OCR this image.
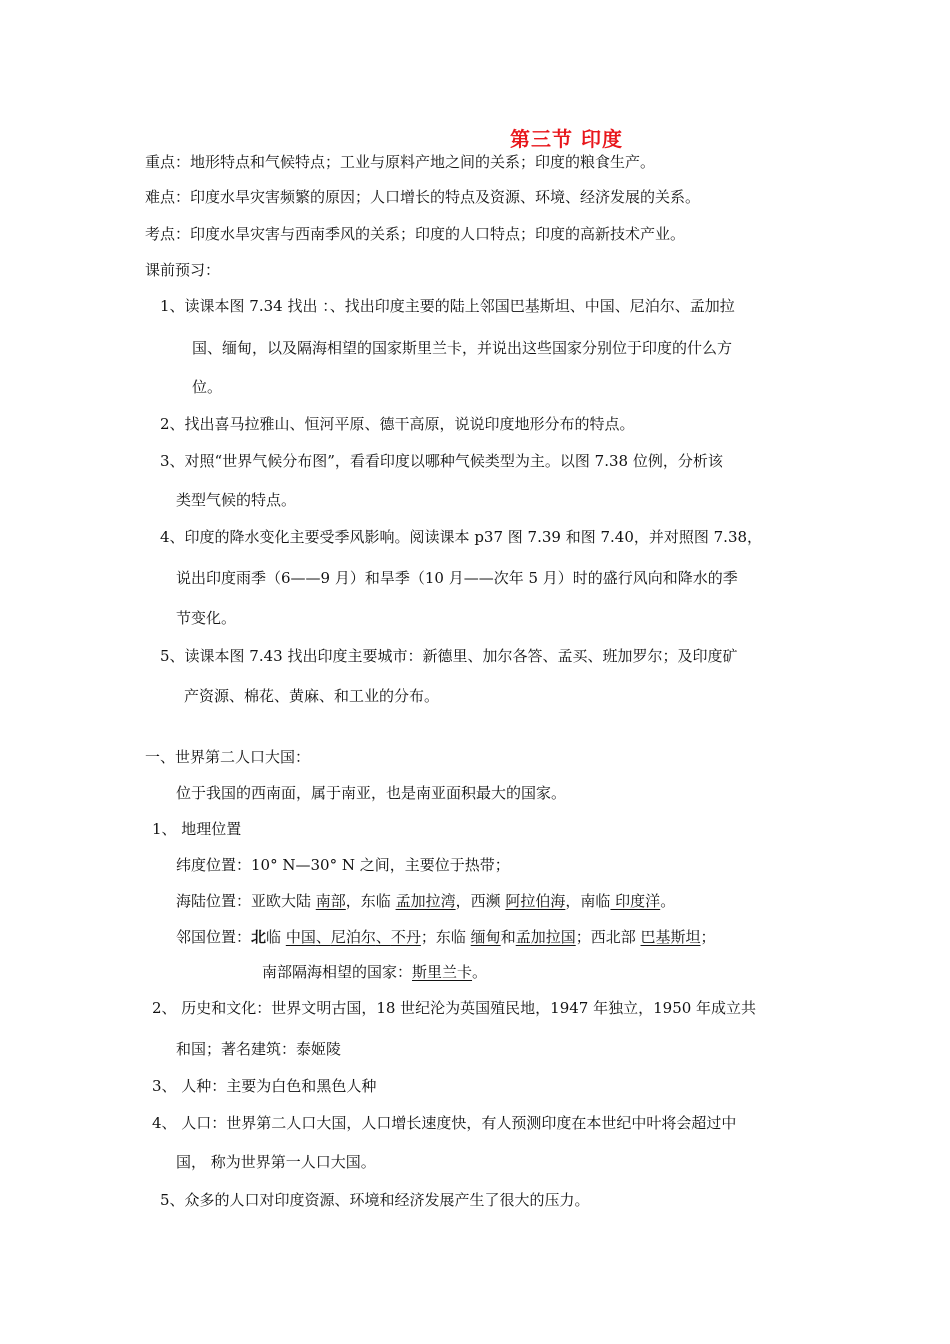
第三节 印度
重点：地形特点和气候特点；工业与原料产地之间的关系；印度的粮食生产。
难点：印度水旱灾害频繁的原因；人口增长的特点及资源、环境、经济发展的关系。
考点：印度水旱灾害与西南季风的关系；印度的人口特点；印度的高新技术产业。
课前预习：
1、读课本图 7.34 找出 ：、找出印度主要的陆上邻国巴基斯坦、中国、尼泊尔、孟加拉
国、缅甸，以及隔海相望的国家斯里兰卡，并说出这些国家分别位于印度的什么方
位。
2、找出喜马拉雅山、恒河平原、德干高原，说说印度地形分布的特点。
3、对照“世界气候分布图”，看看印度以哪种气候类型为主。以图 7.38 位例，分析该
类型气候的特点。
4、印度的降水变化主要受季风影响。阅读课本 p37 图 7.39 和图 7.40，并对照图 7.38，
说出印度雨季（6——9 月）和旱季（10 月——次年 5 月）时的盛行风向和降水的季
节变化。
5、读课本图 7.43 找出印度主要城市：新德里、加尔各答、孟买、班加罗尔；及印度矿
产资源、棉花、黄麻、和工业的分布。
一、世界第二人口大国：
位于我国的西南面，属于南亚，也是南亚面积最大的国家。
1、 地理位置
纬度位置：10° N—30° N 之间，主要位于热带；
海陆位置：亚欧大陆 南部，东临 孟加拉湾，西濒 阿拉伯海，南临 印度洋。
邻国位置：北临 中国、尼泊尔、不丹；东临 缅甸和孟加拉国；西北部 巴基斯坦；
南部隔海相望的国家：斯里兰卡。
2、 历史和文化：世界文明古国，18 世纪沦为英国殖民地，1947 年独立，1950 年成立共
和国；著名建筑：泰姬陵
3、 人种：主要为白色和黑色人种
4、 人口：世界第二人口大国，人口增长速度快，有人预测印度在本世纪中叶将会超过中
国， 称为世界第一人口大国。
5、众多的人口对印度资源、环境和经济发展产生了很大的压力。
